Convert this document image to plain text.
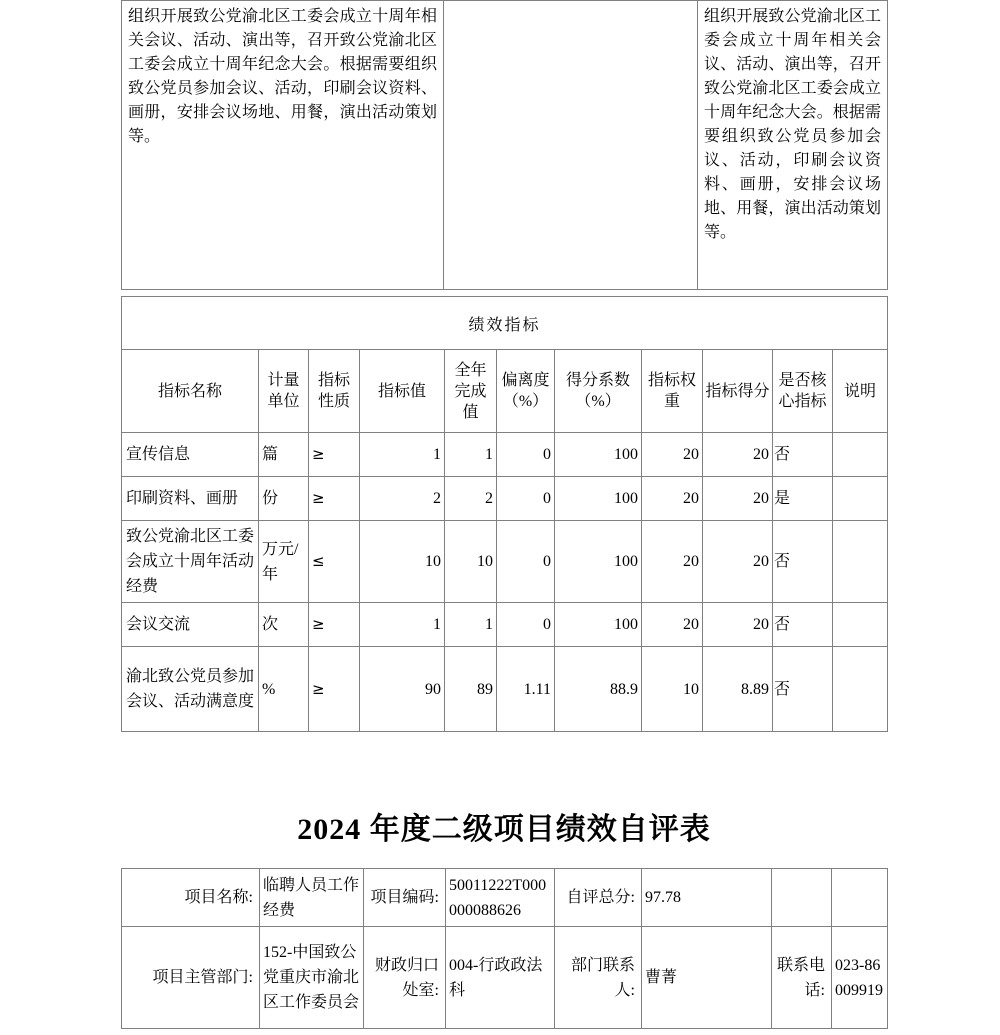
组织开展致公党渝北区工委会成立十周年相关会议、活动、演出等，召开致公党渝北区工委会成立十周年纪念大会。根据需要组织致公党员参加会议、活动，印刷会议资料、画册，安排会议场地、用餐，演出活动策划等。		组织开展致公党渝北区工委会成立十周年相关会议、活动、演出等，召开致公党渝北区工委会成立十周年纪念大会。根据需要组织致公党员参加会议、活动，印刷会议资料、画册，安排会议场地、用餐，演出活动策划等。
绩效指标										
指标名称	计量单位	指标性质	指标值	全年完成值	偏离度（%）	得分系数（%）	指标权重	指标得分	是否核心指标	说明
宣传信息	篇	≥	1	1	0	100	20	20	否	
印刷资料、画册	份	≥	2	2	0	100	20	20	是	
致公党渝北区工委会成立十周年活动经费	万元/年	≤	10	10	0	100	20	20	否	
会议交流	次	≥	1	1	0	100	20	20	否	
渝北致公党员参加会议、活动满意度	%	≥	90	89	1.11	88.9	10	8.89	否	
2024 年度二级项目绩效自评表
项目名称:	临聘人员工作经费	项目编码:	50011222T000000088626	自评总分:	97.78		
项目主管部门:	152-中国致公党重庆市渝北区工作委员会	财政归口处室:	004-行政政法科	部门联系人:	曹菁	联系电话:	023-86009919
